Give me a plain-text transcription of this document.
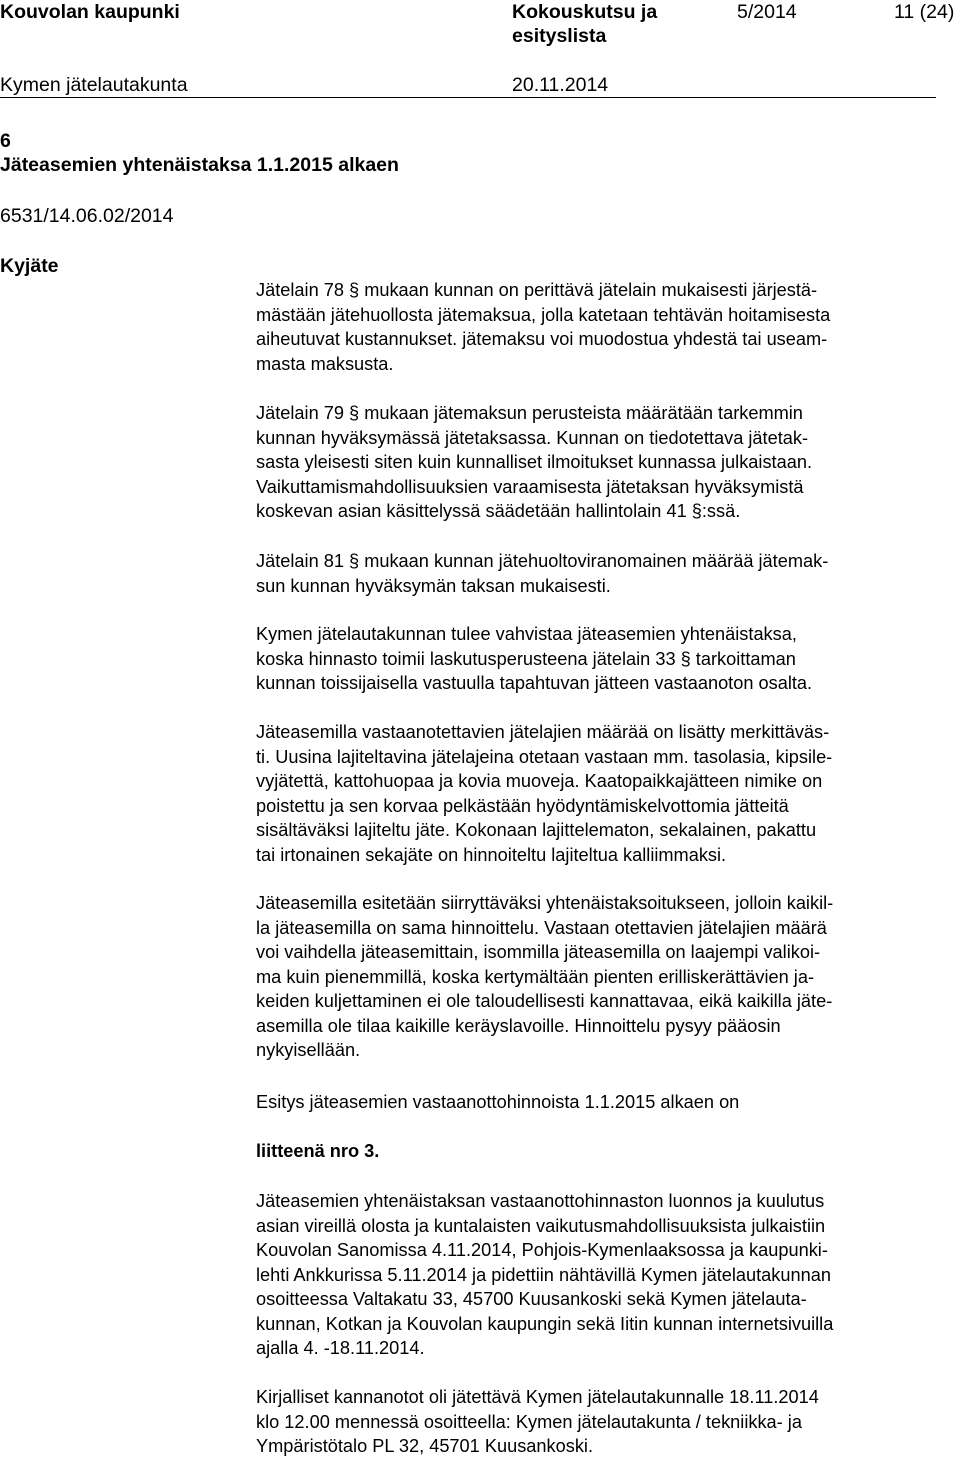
Kouvolan kaupunki	Kokouskutsu ja
esityslista
5/2014	11 (24)
Kymen jätelautakunta	20.11.2014
6
Jäteasemien yhtenäistaksa 1.1.2015 alkaen
6531/14.06.02/2014
Kyjäte

Jätelain 78 § mukaan kunnan on perittävä jätelain mukaisesti järjestä-

mästään jätehuollosta jätemaksua, jolla katetaan tehtävän hoitamisesta

aiheutuvat kustannukset. jätemaksu voi muodostua yhdestä tai useam-

masta maksusta.

Jätelain 79 § mukaan jätemaksun perusteista määrätään tarkemmin

kunnan hyväksymässä jätetaksassa. Kunnan on tiedotettava jätetak-

sasta yleisesti siten kuin kunnalliset ilmoitukset kunnassa julkaistaan.

Vaikuttamismahdollisuuksien varaamisesta jätetaksan hyväksymistä

koskevan asian käsittelyssä säädetään hallintolain 41 §:ssä.

Jätelain 81 § mukaan kunnan jätehuoltoviranomainen määrää jätemak-

sun kunnan hyväksymän taksan mukaisesti.

Kymen jätelautakunnan tulee vahvistaa jäteasemien yhtenäistaksa,

koska hinnasto toimii laskutusperusteena jätelain 33 § tarkoittaman

kunnan toissijaisella vastuulla tapahtuvan jätteen vastaanoton osalta.

Jäteasemilla vastaanotettavien jätelajien määrää on lisätty merkittäväs-

ti. Uusina lajiteltavina jätelajeina otetaan vastaan mm. tasolasia, kipsile-

vyjätettä, kattohuopaa ja kovia muoveja. Kaatopaikkajätteen nimike on

poistettu ja sen korvaa pelkästään hyödyntämiskelvottomia jätteitä

sisältäväksi lajiteltu jäte. Kokonaan lajittelematon, sekalainen, pakattu

tai irtonainen sekajäte on hinnoiteltu lajiteltua kalliimmaksi.

Jäteasemilla esitetään siirryttäväksi yhtenäistaksoitukseen, jolloin kaikil-

la jäteasemilla on sama hinnoittelu. Vastaan otettavien jätelajien määrä

voi vaihdella jäteasemittain, isommilla jäteasemilla on laajempi valikoi-

ma kuin pienemmillä, koska kertymältään pienten erilliskerättävien ja-

keiden kuljettaminen ei ole taloudellisesti kannattavaa, eikä kaikilla jäte-

asemilla ole tilaa kaikille keräyslavoille. Hinnoittelu pysyy pääosin

nykyisellään.

Esitys jäteasemien vastaanottohinnoista 1.1.2015 alkaen on

liitteenä nro 3.

Jäteasemien yhtenäistaksan vastaanottohinnaston luonnos ja kuulutus

asian vireillä olosta ja kuntalaisten vaikutusmahdollisuuksista julkaistiin

Kouvolan Sanomissa 4.11.2014, Pohjois-Kymenlaaksossa ja kaupunki-

lehti Ankkurissa 5.11.2014 ja pidettiin nähtävillä Kymen jätelautakunnan

osoitteessa Valtakatu 33, 45700 Kuusankoski sekä Kymen jätelauta-

kunnan, Kotkan ja Kouvolan kaupungin sekä Iitin kunnan internetsivuilla

ajalla 4. -18.11.2014.

Kirjalliset kannanotot oli jätettävä Kymen jätelautakunnalle 18.11.2014

klo 12.00 mennessä osoitteella: Kymen jätelautakunta / tekniikka- ja

Ympäristötalo PL 32, 45701 Kuusankoski.
